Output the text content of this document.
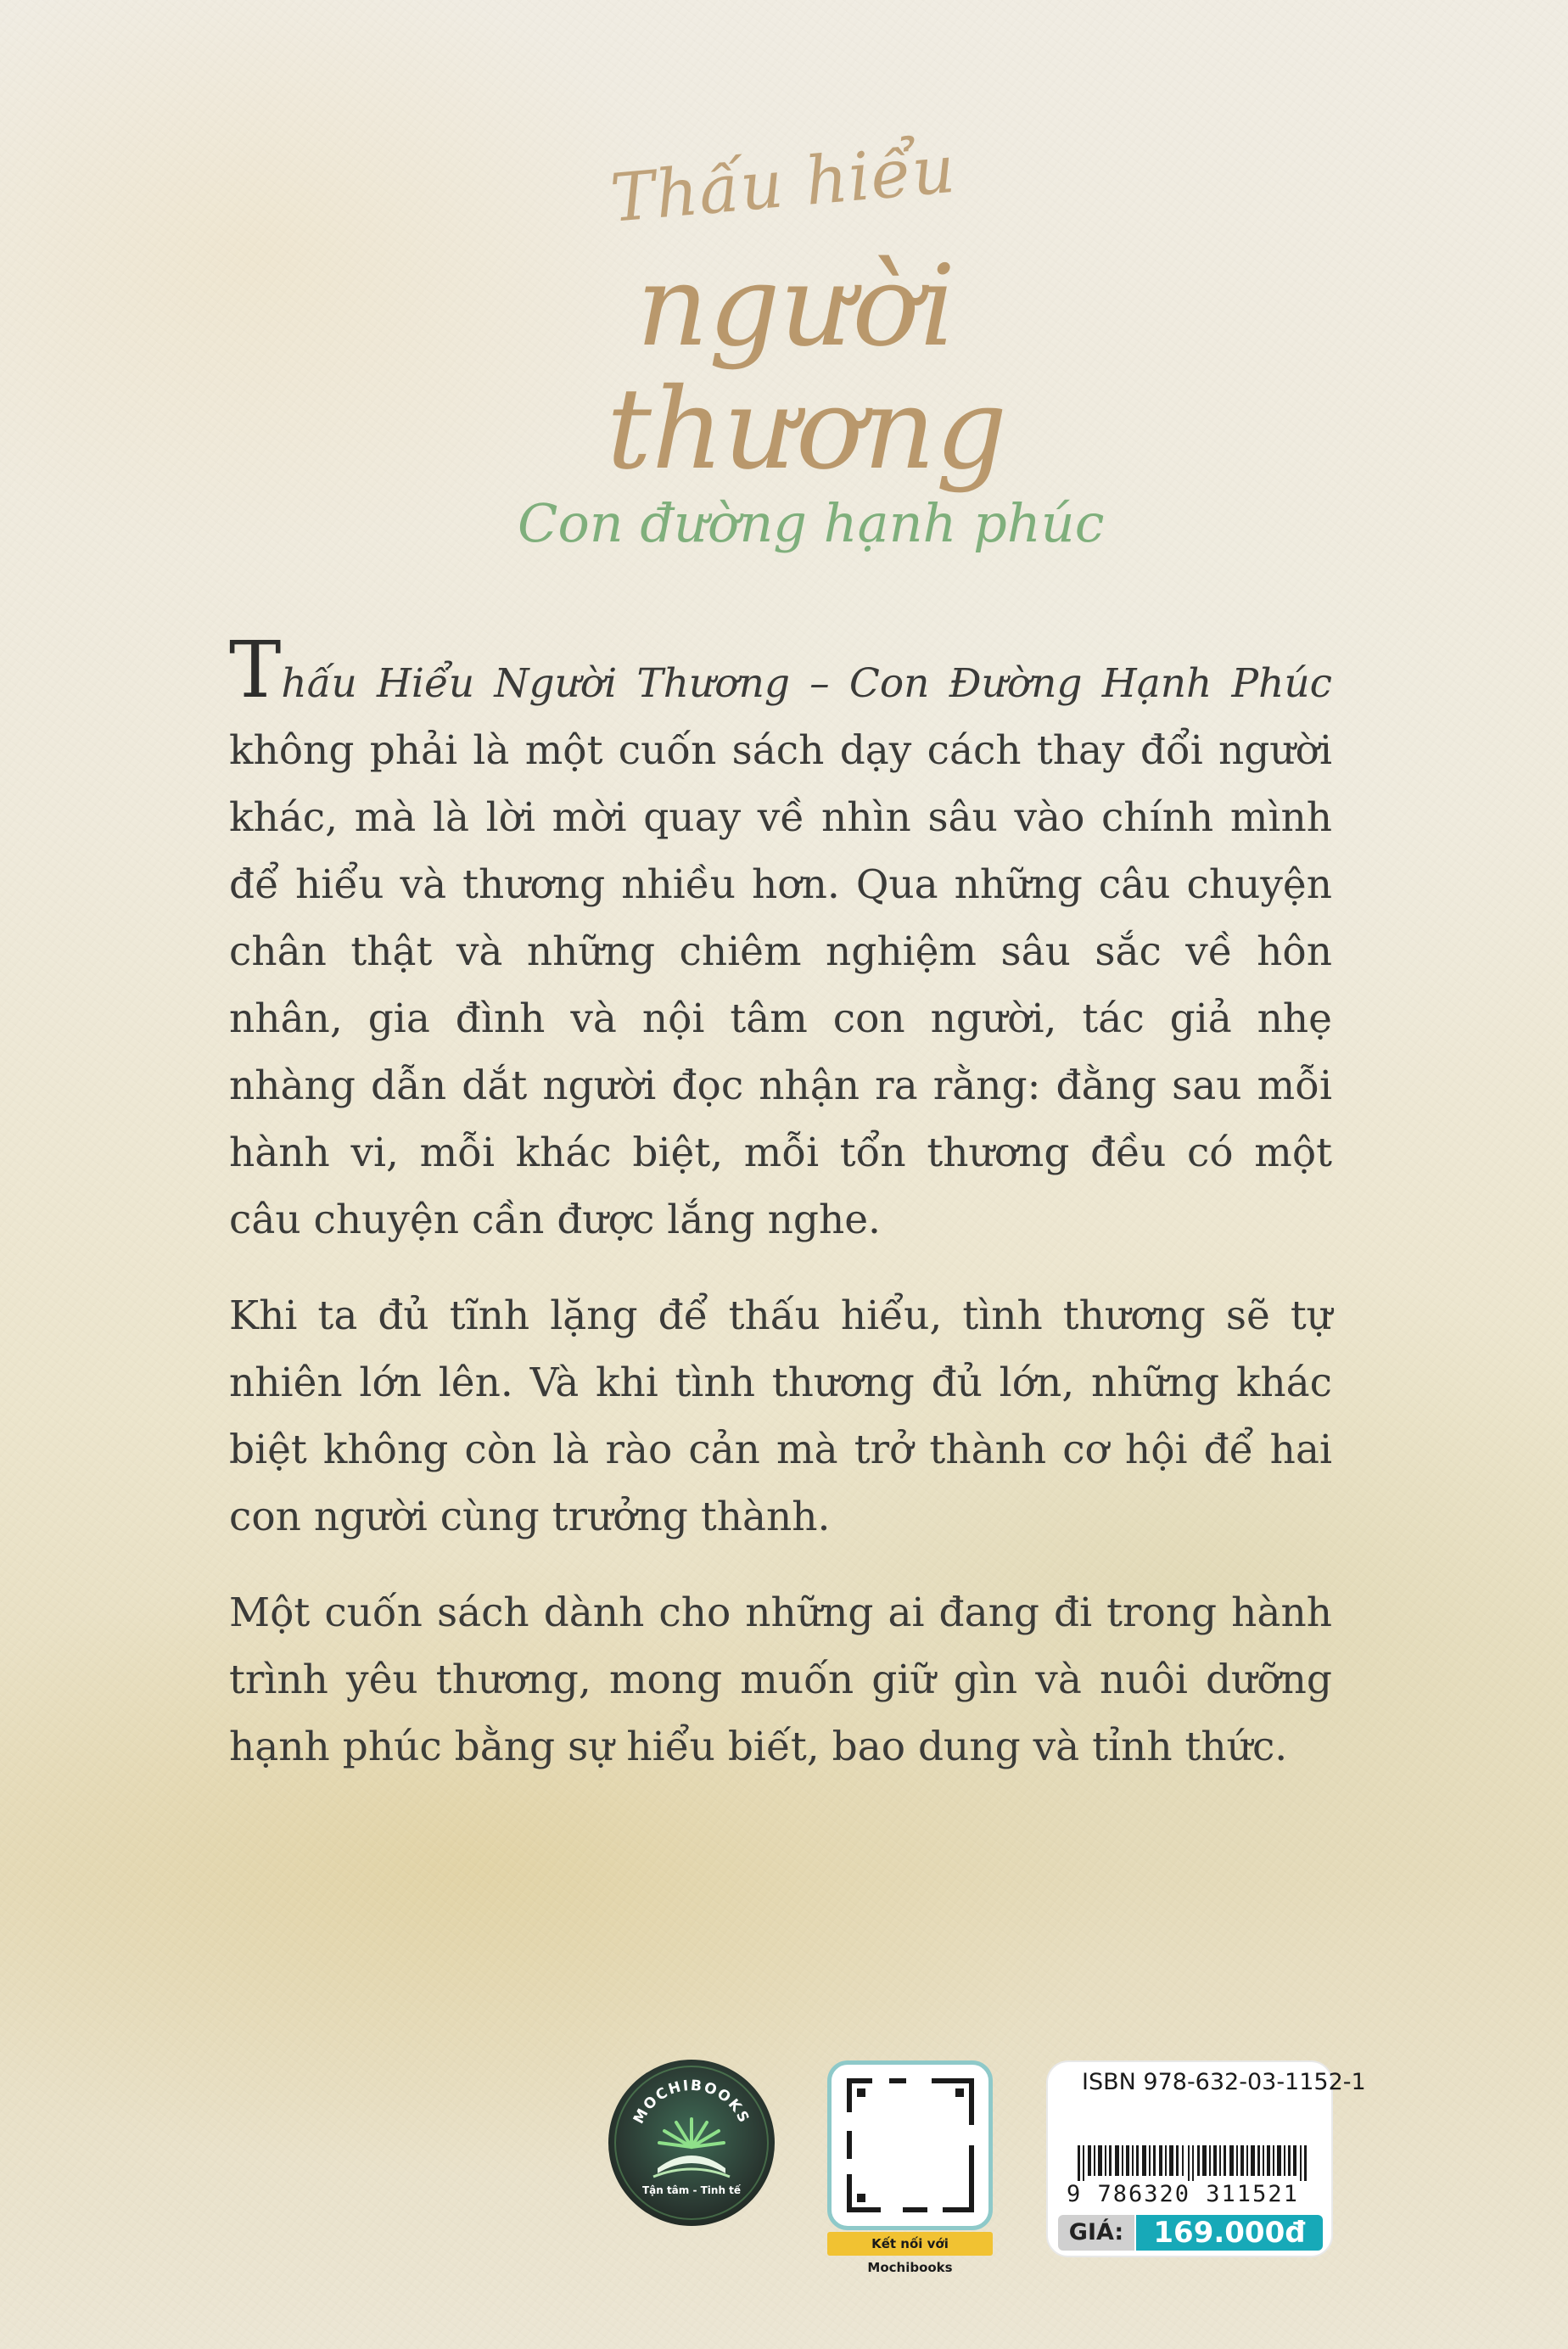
Thấu hiểu
người
thương
Con đường hạnh phúc

Thấu Hiểu Người Thương – Con Đường Hạnh Phúc không phải là một cuốn sách dạy cách thay đổi người khác, mà là lời mời quay về nhìn sâu vào chính mình để hiểu và thương nhiều hơn. Qua những câu chuyện chân thật và những chiêm nghiệm sâu sắc về hôn nhân, gia đình và nội tâm con người, tác giả nhẹ nhàng dẫn dắt người đọc nhận ra rằng: đằng sau mỗi hành vi, mỗi khác biệt, mỗi tổn thương đều có một câu chuyện cần được lắng nghe.

Khi ta đủ tĩnh lặng để thấu hiểu, tình thương sẽ tự nhiên lớn lên. Và khi tình thương đủ lớn, những khác biệt không còn là rào cản mà trở thành cơ hội để hai con người cùng trưởng thành.

Một cuốn sách dành cho những ai đang đi trong hành trình yêu thương, mong muốn giữ gìn và nuôi dưỡng hạnh phúc bằng sự hiểu biết, bao dung và tỉnh thức.

MOCHIBOOKS
Tận tâm - Tinh tế
Kết nối với Mochibooks
ISBN 978-632-03-1152-1
9 786320 311521
GIÁ:	169.000đ
